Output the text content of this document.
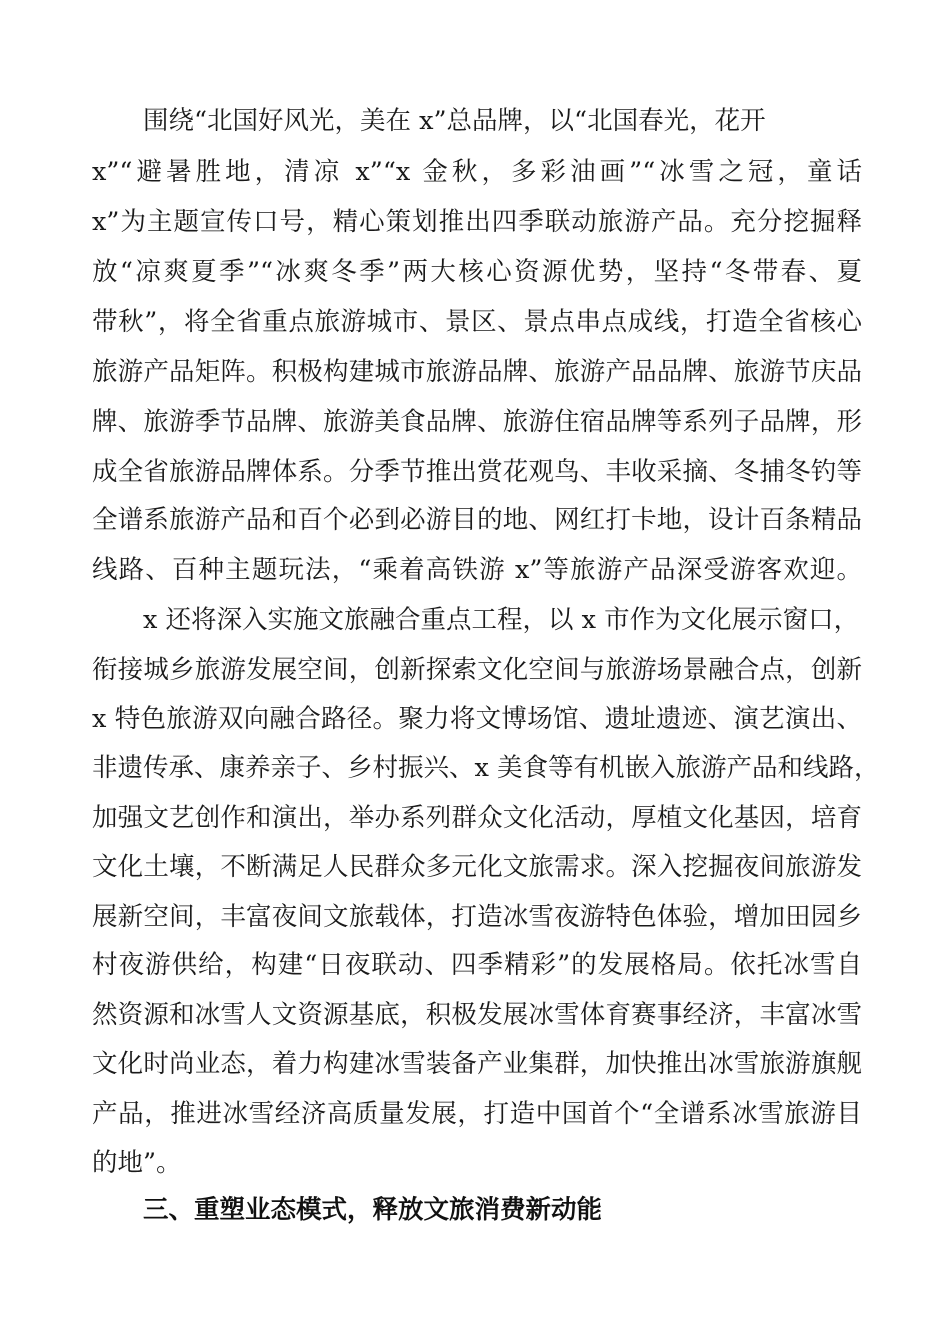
围绕“北国好风光，美在 x”总品牌，以“北国春光，花开
x”“避暑胜地，清凉 x”“x 金秋，多彩油画”“冰雪之冠，童话
x”为主题宣传口号，精心策划推出四季联动旅游产品。充分挖掘释
放“凉爽夏季”“冰爽冬季”两大核心资源优势，坚持“冬带春、夏
带秋”，将全省重点旅游城市、景区、景点串点成线，打造全省核心
旅游产品矩阵。积极构建城市旅游品牌、旅游产品品牌、旅游节庆品
牌、旅游季节品牌、旅游美食品牌、旅游住宿品牌等系列子品牌，形
成全省旅游品牌体系。分季节推出赏花观鸟、丰收采摘、冬捕冬钓等
全谱系旅游产品和百个必到必游目的地、网红打卡地，设计百条精品
线路、百种主题玩法，“乘着高铁游 x”等旅游产品深受游客欢迎。
x 还将深入实施文旅融合重点工程，以 x 市作为文化展示窗口，
衔接城乡旅游发展空间，创新探索文化空间与旅游场景融合点，创新
x 特色旅游双向融合路径。聚力将文博场馆、遗址遗迹、演艺演出、
非遗传承、康养亲子、乡村振兴、x 美食等有机嵌入旅游产品和线路，
加强文艺创作和演出，举办系列群众文化活动，厚植文化基因，培育
文化土壤，不断满足人民群众多元化文旅需求。深入挖掘夜间旅游发
展新空间，丰富夜间文旅载体，打造冰雪夜游特色体验，增加田园乡
村夜游供给，构建“日夜联动、四季精彩”的发展格局。依托冰雪自
然资源和冰雪人文资源基底，积极发展冰雪体育赛事经济，丰富冰雪
文化时尚业态，着力构建冰雪装备产业集群，加快推出冰雪旅游旗舰
产品，推进冰雪经济高质量发展，打造中国首个“全谱系冰雪旅游目
的地”。
三、重塑业态模式，释放文旅消费新动能
